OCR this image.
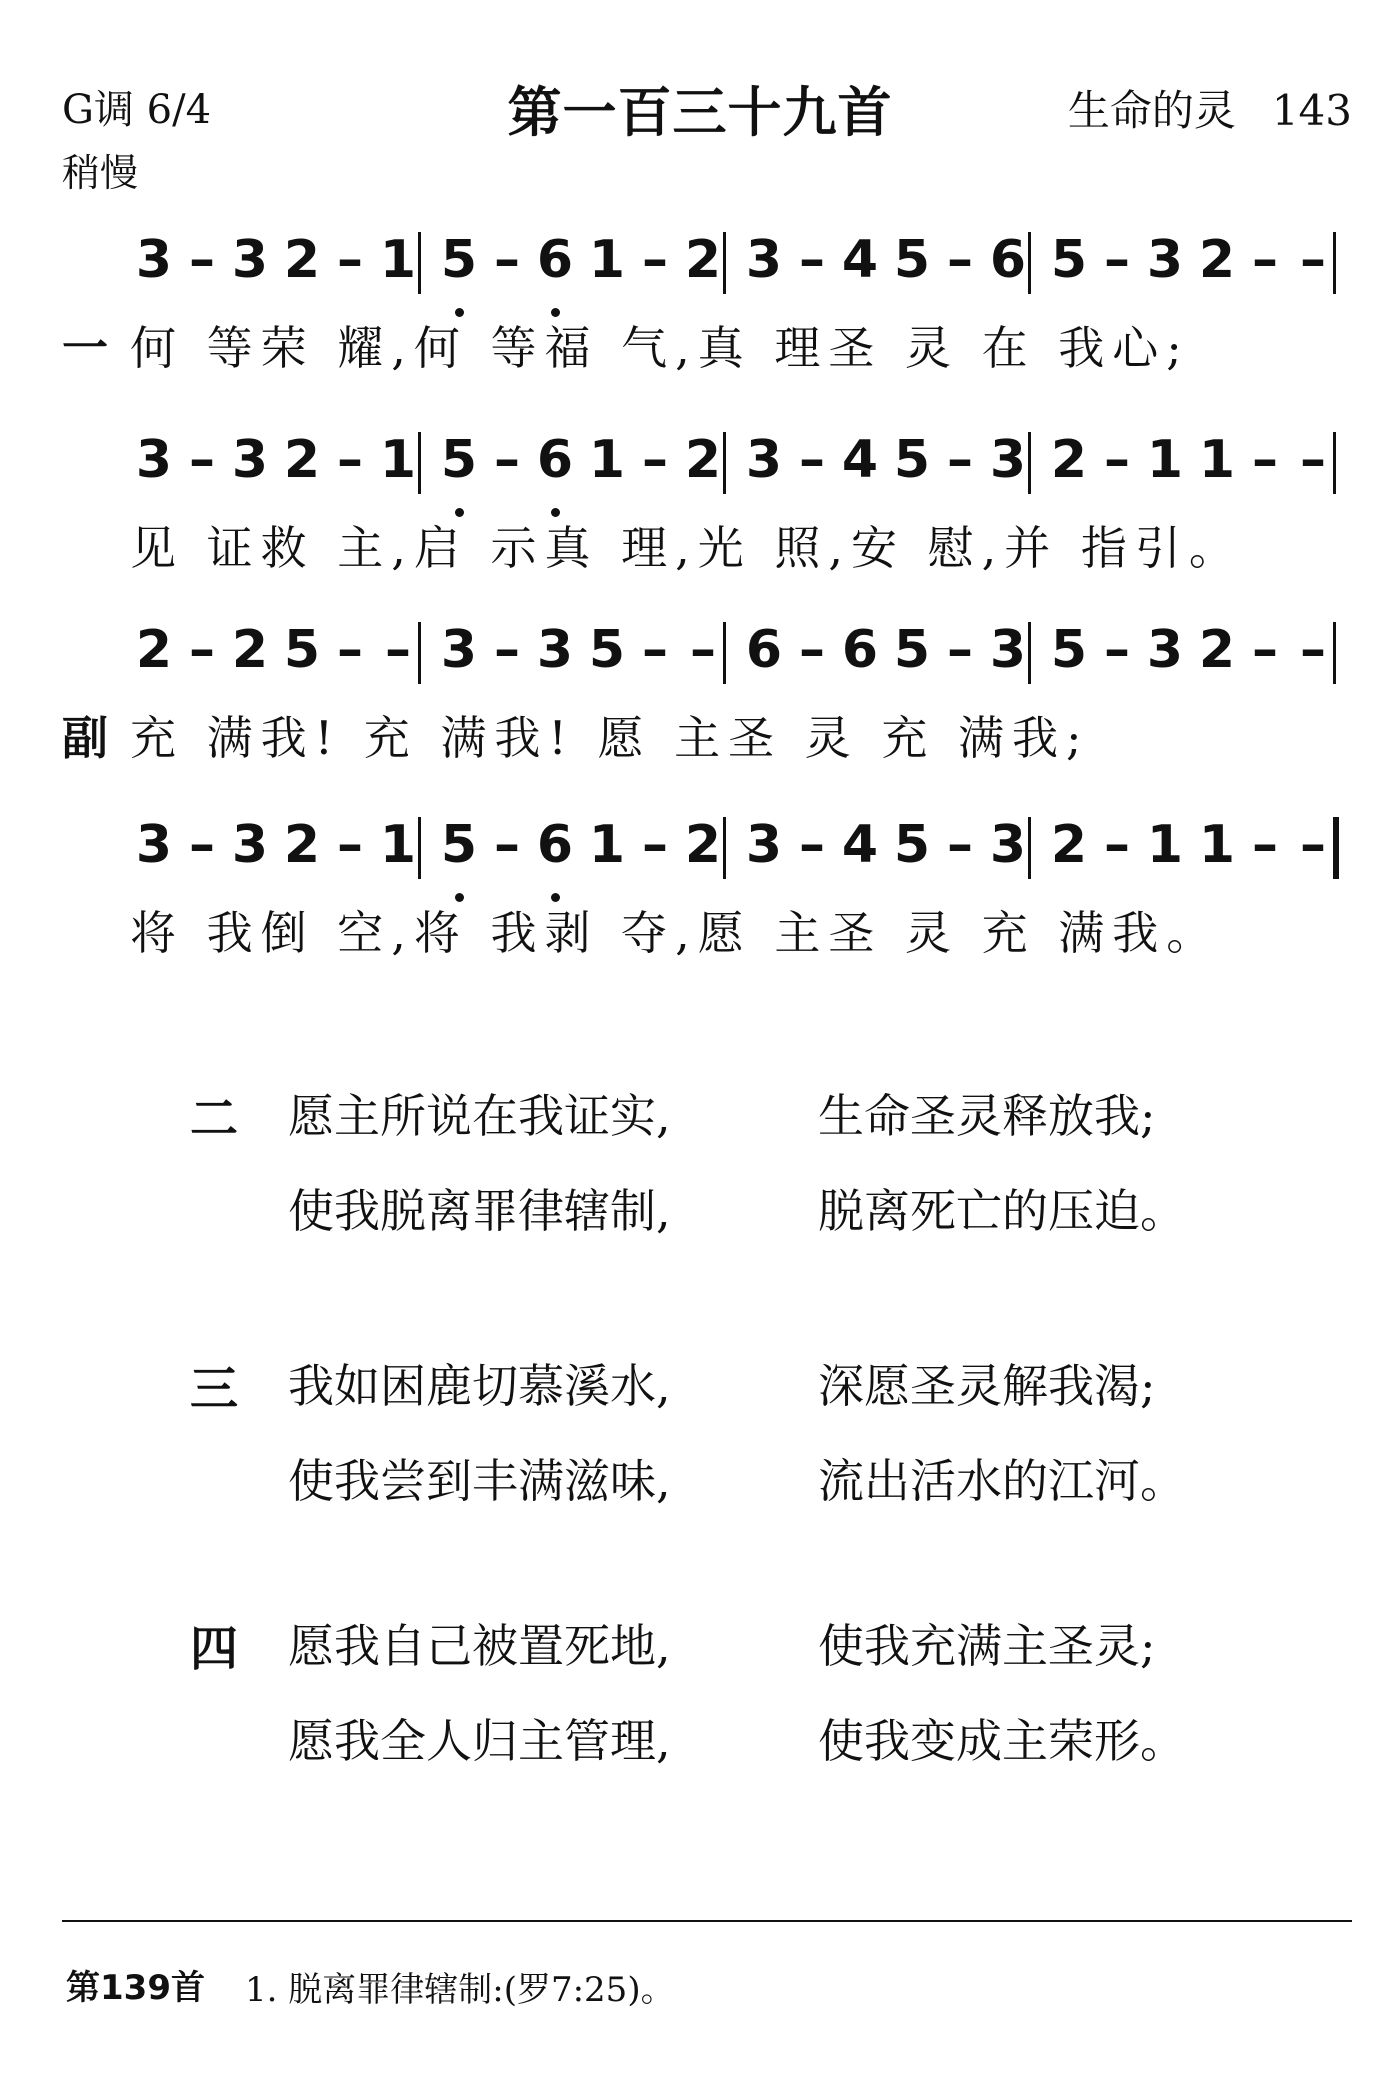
G调 6/4
稍慢
第一百三十九首	生命的灵 143
3 – 3 2 – 1 5 – 6 1 – 2 3 – 4 5 – 6 5 – 3 2 – –
一 何 等荣 耀,何 等福 气,真 理圣 灵 在 我心;
3 – 3 2 – 1 5 – 6 1 – 2 3 – 4 5 – 3 2 – 1 1 – –
见 证救 主,启 示真 理,光 照,安 慰,并 指引。
2 – 2 5 – – 3 – 3 5 – – 6 – 6 5 – 3 5 – 3 2 – –
副 充 满我! 充 满我! 愿 主圣 灵 充 满我;
3 – 3 2 – 1 5 – 6 1 – 2 3 – 4 5 – 3 2 – 1 1 – –
将 我倒 空,将 我剥 夺,愿 主圣 灵 充 满我。
二 愿主所说在我证实,	生命圣灵释放我;
使我脱离罪律辖制,	脱离死亡的压迫。
三 我如困鹿切慕溪水,	深愿圣灵解我渴;
使我尝到丰满滋味,	流出活水的江河。
四 愿我自己被置死地,	使我充满主圣灵;
愿我全人归主管理,	使我变成主荣形。
第139首 1. 脱离罪律辖制:(罗7:25)。
